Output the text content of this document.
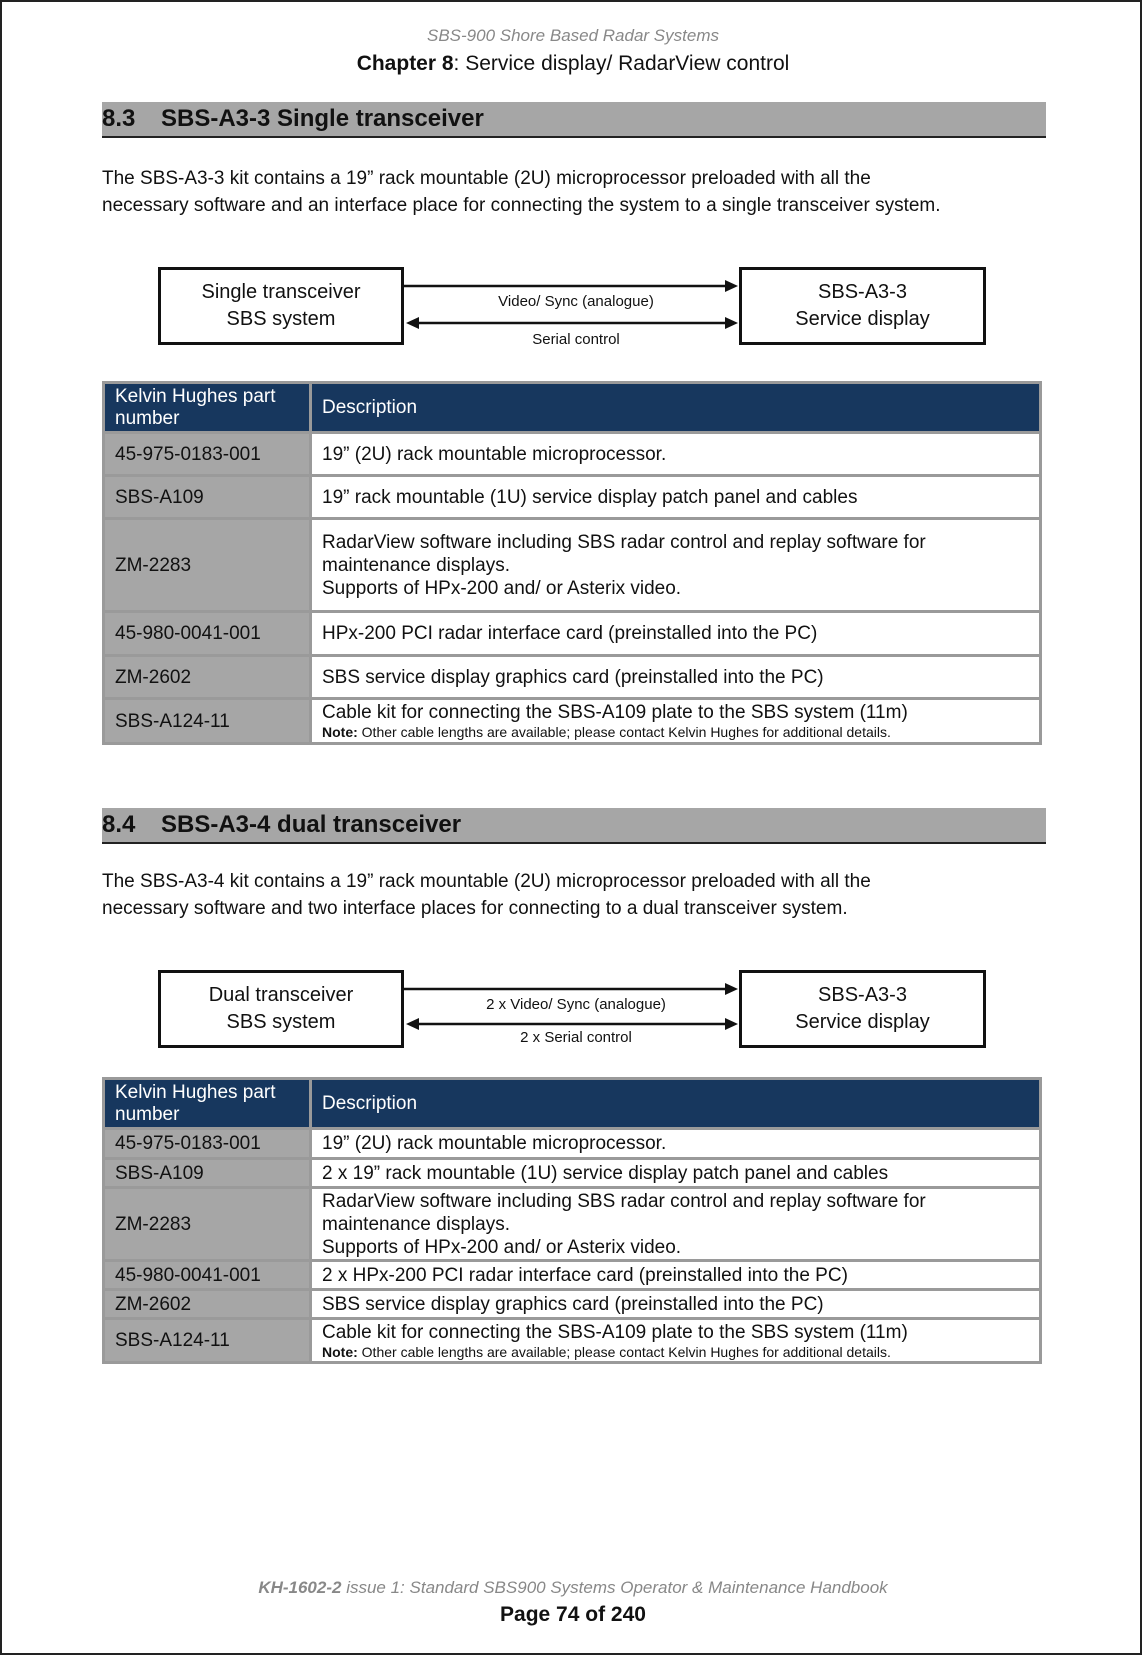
SBS-900 Shore Based Radar Systems
Chapter 8: Service display/ RadarView control
8.3 SBS-A3-3 Single transceiver
The SBS-A3-3 kit contains a 19” rack mountable (2U) microprocessor preloaded with all the
necessary software and an interface place for connecting the system to a single transceiver system.
Single transceiver
SBS system
SBS-A3-3
Service display
Video/ Sync (analogue)
Serial control
Kelvin Hughes part number	Description
45-975-0183-001	19” (2U) rack mountable microprocessor.
SBS-A109	19” rack mountable (1U) service display patch panel and cables
ZM-2283	RadarView software including SBS radar control and replay software for
maintenance displays.
Supports of HPx-200 and/ or Asterix video.

45-980-0041-001	HPx-200 PCI radar interface card (preinstalled into the PC)
ZM-2602	SBS service display graphics card (preinstalled into the PC)
SBS-A124-11	Cable kit for connecting the SBS-A109 plate to the SBS system (11m)
Note: Other cable lengths are available; please contact Kelvin Hughes for additional details.
8.4 SBS-A3-4 dual transceiver
The SBS-A3-4 kit contains a 19” rack mountable (2U) microprocessor preloaded with all the
necessary software and two interface places for connecting to a dual transceiver system.
Dual transceiver
SBS system
SBS-A3-3
Service display
2 x Video/ Sync (analogue)
2 x Serial control
Kelvin Hughes part number	Description
45-975-0183-001	19” (2U) rack mountable microprocessor.
SBS-A109	2 x 19” rack mountable (1U) service display patch panel and cables
ZM-2283	RadarView software including SBS radar control and replay software for
maintenance displays.
Supports of HPx-200 and/ or Asterix video.

45-980-0041-001	2 x HPx-200 PCI radar interface card (preinstalled into the PC)
ZM-2602	SBS service display graphics card (preinstalled into the PC)
SBS-A124-11	Cable kit for connecting the SBS-A109 plate to the SBS system (11m)
Note: Other cable lengths are available; please contact Kelvin Hughes for additional details.
KH-1602-2 issue 1: Standard SBS900 Systems Operator & Maintenance Handbook
Page 74 of 240
